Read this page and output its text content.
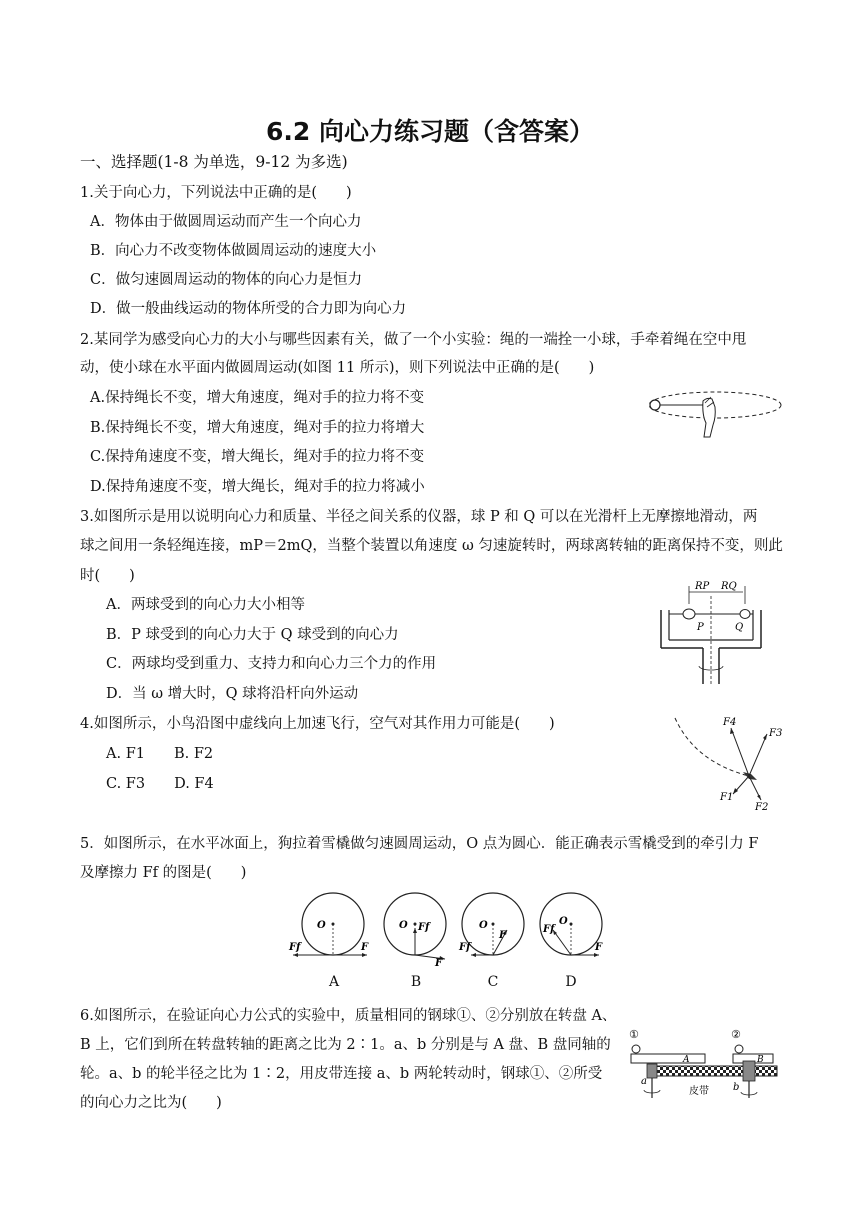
6.2 向心力练习题（含答案）
一、选择题(1-8 为单选，9-12 为多选)
1.关于向心力，下列说法中正确的是(　　)
A．物体由于做圆周运动而产生一个向心力
B．向心力不改变物体做圆周运动的速度大小
C．做匀速圆周运动的物体的向心力是恒力
D．做一般曲线运动的物体所受的合力即为向心力
2.某同学为感受向心力的大小与哪些因素有关，做了一个小实验：绳的一端拴一小球，手牵着绳在空中甩
动，使小球在水平面内做圆周运动(如图 11 所示)，则下列说法中正确的是(　　)
A.保持绳长不变，增大角速度，绳对手的拉力将不变
B.保持绳长不变，增大角速度，绳对手的拉力将增大
C.保持角速度不变，增大绳长，绳对手的拉力将不变
D.保持角速度不变，增大绳长，绳对手的拉力将减小
3.如图所示是用以说明向心力和质量、半径之间关系的仪器，球 P 和 Q 可以在光滑杆上无摩擦地滑动，两
球之间用一条轻绳连接，mP＝2mQ，当整个装置以角速度 ω 匀速旋转时，两球离转轴的距离保持不变，则此
时(　　)
A．两球受到的向心力大小相等
B．P 球受到的向心力大于 Q 球受到的向心力
C．两球均受到重力、支持力和向心力三个力的作用
D．当 ω 增大时，Q 球将沿杆向外运动
RP RQ
P	Q
4.如图所示，小鸟沿图中虚线向上加速飞行，空气对其作用力可能是(　　)
A. F1　　B. F2
C. F3　　D. F4
F4
F3
F1
F2
5．如图所示，在水平冰面上，狗拉着雪橇做匀速圆周运动，O 点为圆心．能正确表示雪橇受到的牵引力 F
及摩擦力 Ff 的图是(　　)
O
Ff	F
O Ff
F
O
F
Ff
O
Ff
F
A	B	C	D
6.如图所示，在验证向心力公式的实验中，质量相同的钢球①、②分别放在转盘 A、
B 上，它们到所在转盘转轴的距离之比为 2∶1。a、b 分别是与 A 盘、B 盘同轴的
轮。a、b 的轮半径之比为 1∶2，用皮带连接 a、b 两轮转动时，钢球①、②所受
的向心力之比为(　　)
①	②
A	B
a
b
皮带
